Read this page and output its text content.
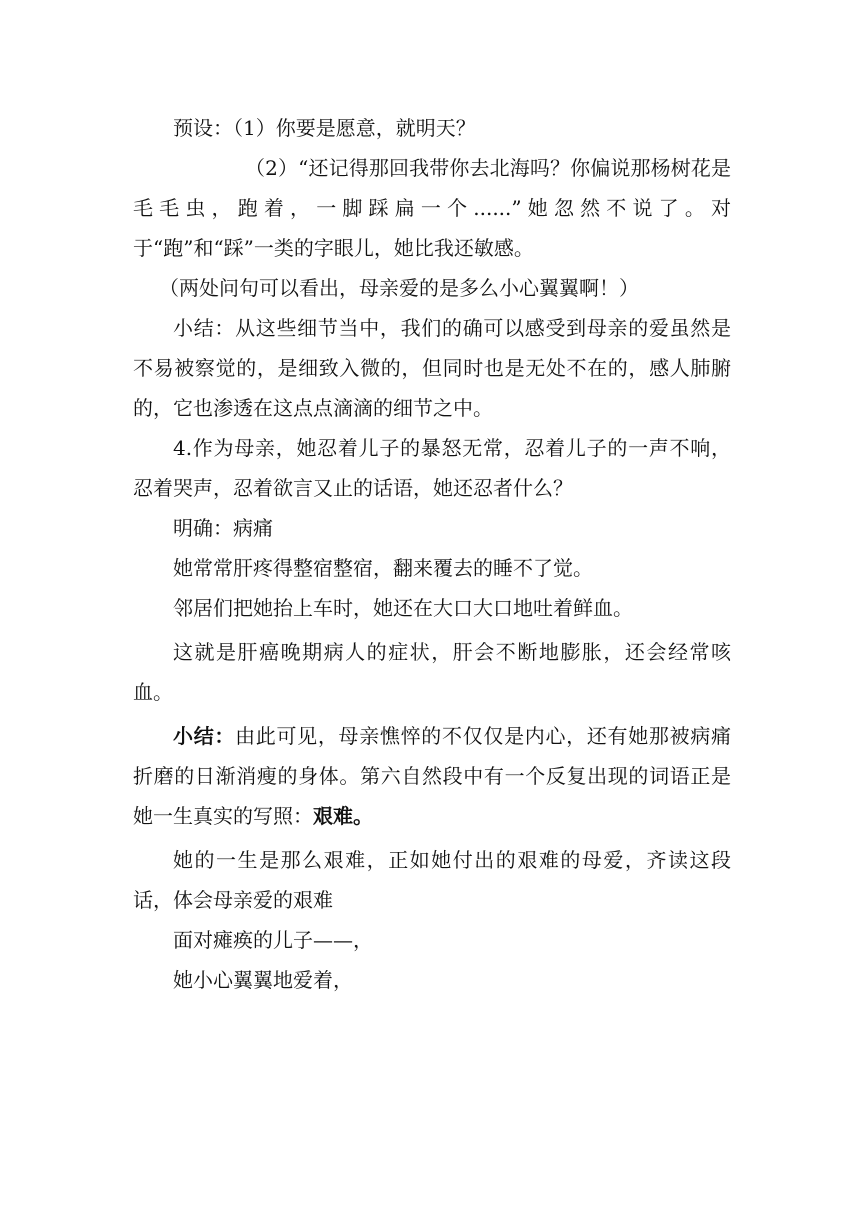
预设：（1）你要是愿意，就明天？

（2）“还记得那回我带你去北海吗？你偏说那杨树花是毛毛虫，跑着，一脚踩扁一个......”她忽然不说了。对于“跑”和“踩”一类的字眼儿，她比我还敏感。

（两处问句可以看出，母亲爱的是多么小心翼翼啊！）

小结：从这些细节当中，我们的确可以感受到母亲的爱虽然是不易被察觉的，是细致入微的，但同时也是无处不在的，感人肺腑的，它也渗透在这点点滴滴的细节之中。

4.作为母亲，她忍着儿子的暴怒无常，忍着儿子的一声不响，忍着哭声，忍着欲言又止的话语，她还忍者什么？

明确：病痛

她常常肝疼得整宿整宿，翻来覆去的睡不了觉。

邻居们把她抬上车时，她还在大口大口地吐着鲜血。

这就是肝癌晚期病人的症状，肝会不断地膨胀，还会经常咳血。

小结：由此可见，母亲憔悴的不仅仅是内心，还有她那被病痛折磨的日渐消瘦的身体。第六自然段中有一个反复出现的词语正是她一生真实的写照：艰难。

她的一生是那么艰难，正如她付出的艰难的母爱，齐读这段话，体会母亲爱的艰难

面对瘫痪的儿子——，

她小心翼翼地爱着，
